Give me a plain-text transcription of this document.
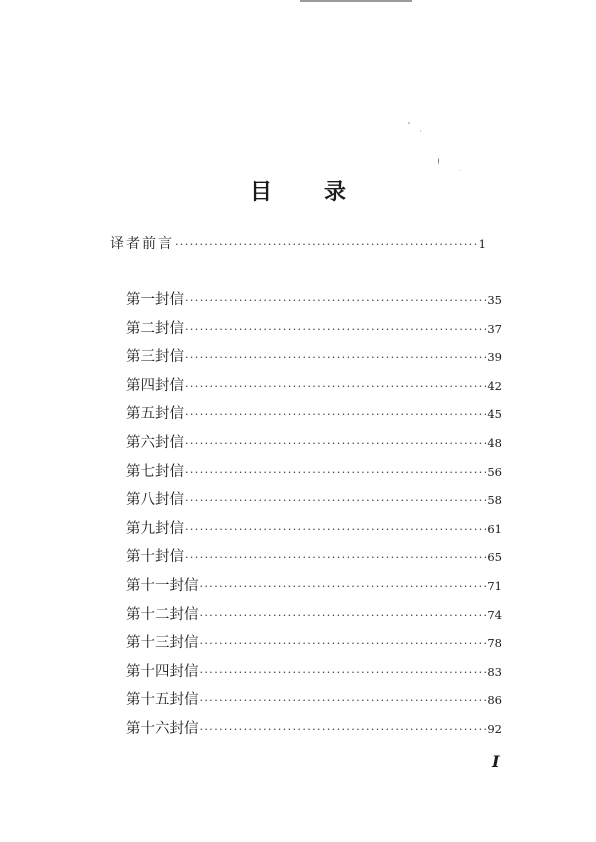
目 录
译者前言 ·····	1
第一封信 ·····	35
第二封信 ·····	37
第三封信 ·····	39
第四封信 ·····	42
第五封信 ·····	45
第六封信 ·····	48
第七封信 ·····	56
第八封信 ·····	58
第九封信 ·····	61
第十封信 ·····	65
第十一封信 ·····	71
第十二封信 ·····	74
第十三封信 ·····	78
第十四封信 ·····	83
第十五封信 ·····	86
第十六封信 ·····	92
I
